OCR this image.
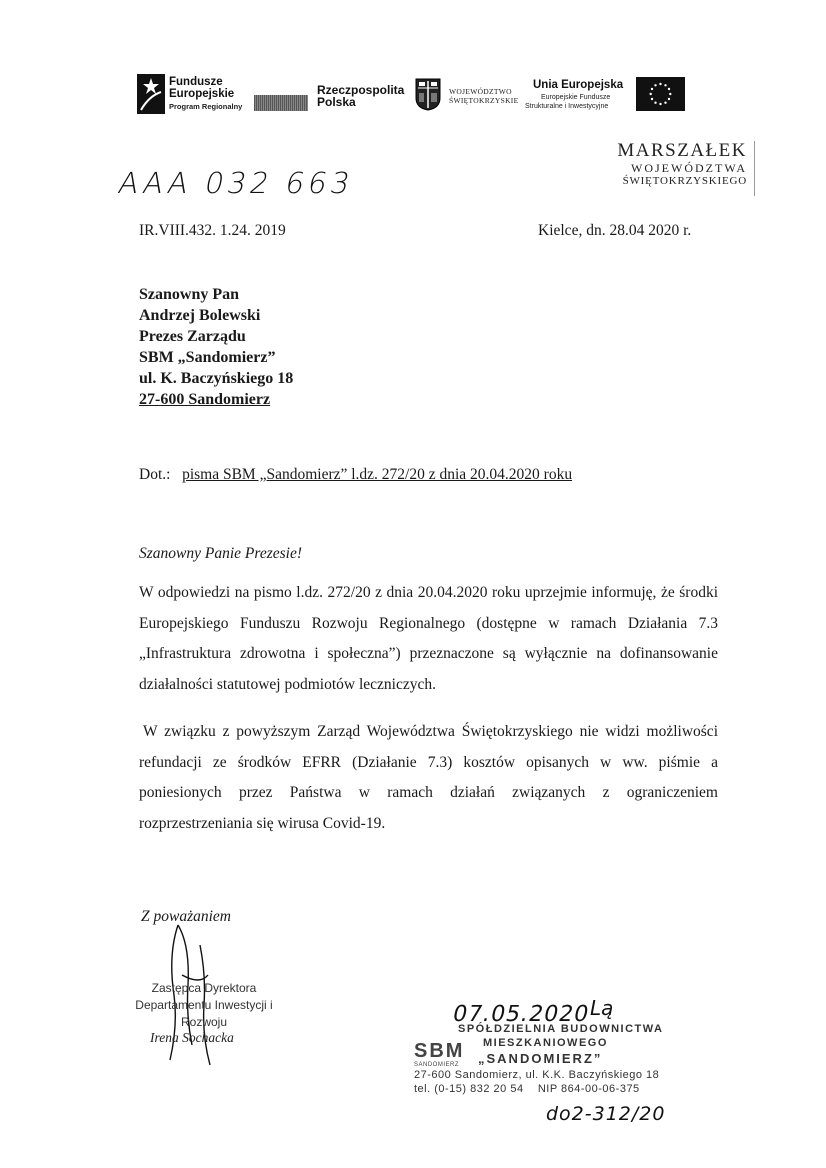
Fundusze
Europejskie
Program Regionalny
Rzeczpospolita
Polska
WOJEWÓDZTWO
ŚWIĘTOKRZYSKIE
Unia Europejska
Europejskie Fundusze
Strukturalne i Inwestycyjne
MARSZAŁEK
WOJEWÓDZTWA
ŚWIĘTOKRZYSKIEGO
AAA 032 663
IR.VIII.432. 1.24. 2019	Kielce, dn. 28.04 2020 r.
Szanowny Pan
Andrzej Bolewski
Prezes Zarządu
SBM „Sandomierz”
ul. K. Baczyńskiego 18
27-600 Sandomierz
Dot.: pisma SBM „Sandomierz” l.dz. 272/20 z dnia 20.04.2020 roku
Szanowny Panie Prezesie!
W odpowiedzi na pismo l.dz. 272/20 z dnia 20.04.2020 roku uprzejmie informuję, że środki Europejskiego Funduszu Rozwoju Regionalnego (dostępne w ramach Działania 7.3 „Infrastruktura zdrowotna i społeczna”) przeznaczone są wyłącznie na dofinansowanie działalności statutowej podmiotów leczniczych.
W związku z powyższym Zarząd Województwa Świętokrzyskiego nie widzi możliwości refundacji ze środków EFRR (Działanie 7.3) kosztów opisanych w ww. piśmie a poniesionych przez Państwa w ramach działań związanych z ograniczeniem rozprzestrzeniania się wirusa Covid-19.
Z poważaniem
Zastępca Dyrektora
Departamentu Inwestycji i Rozwoju
Irena Sochacka
07.05.2020
Lą
SPÓŁDZIELNIA BUDOWNICTWA
MIESZKANIOWEGO
SBM „SANDOMIERZ”
SANDOMIERZ
27-600 Sandomierz, ul. K.K. Baczyńskiego 18
tel. (0-15) 832 20 54 NIP 864-00-06-375
do2-312/20
